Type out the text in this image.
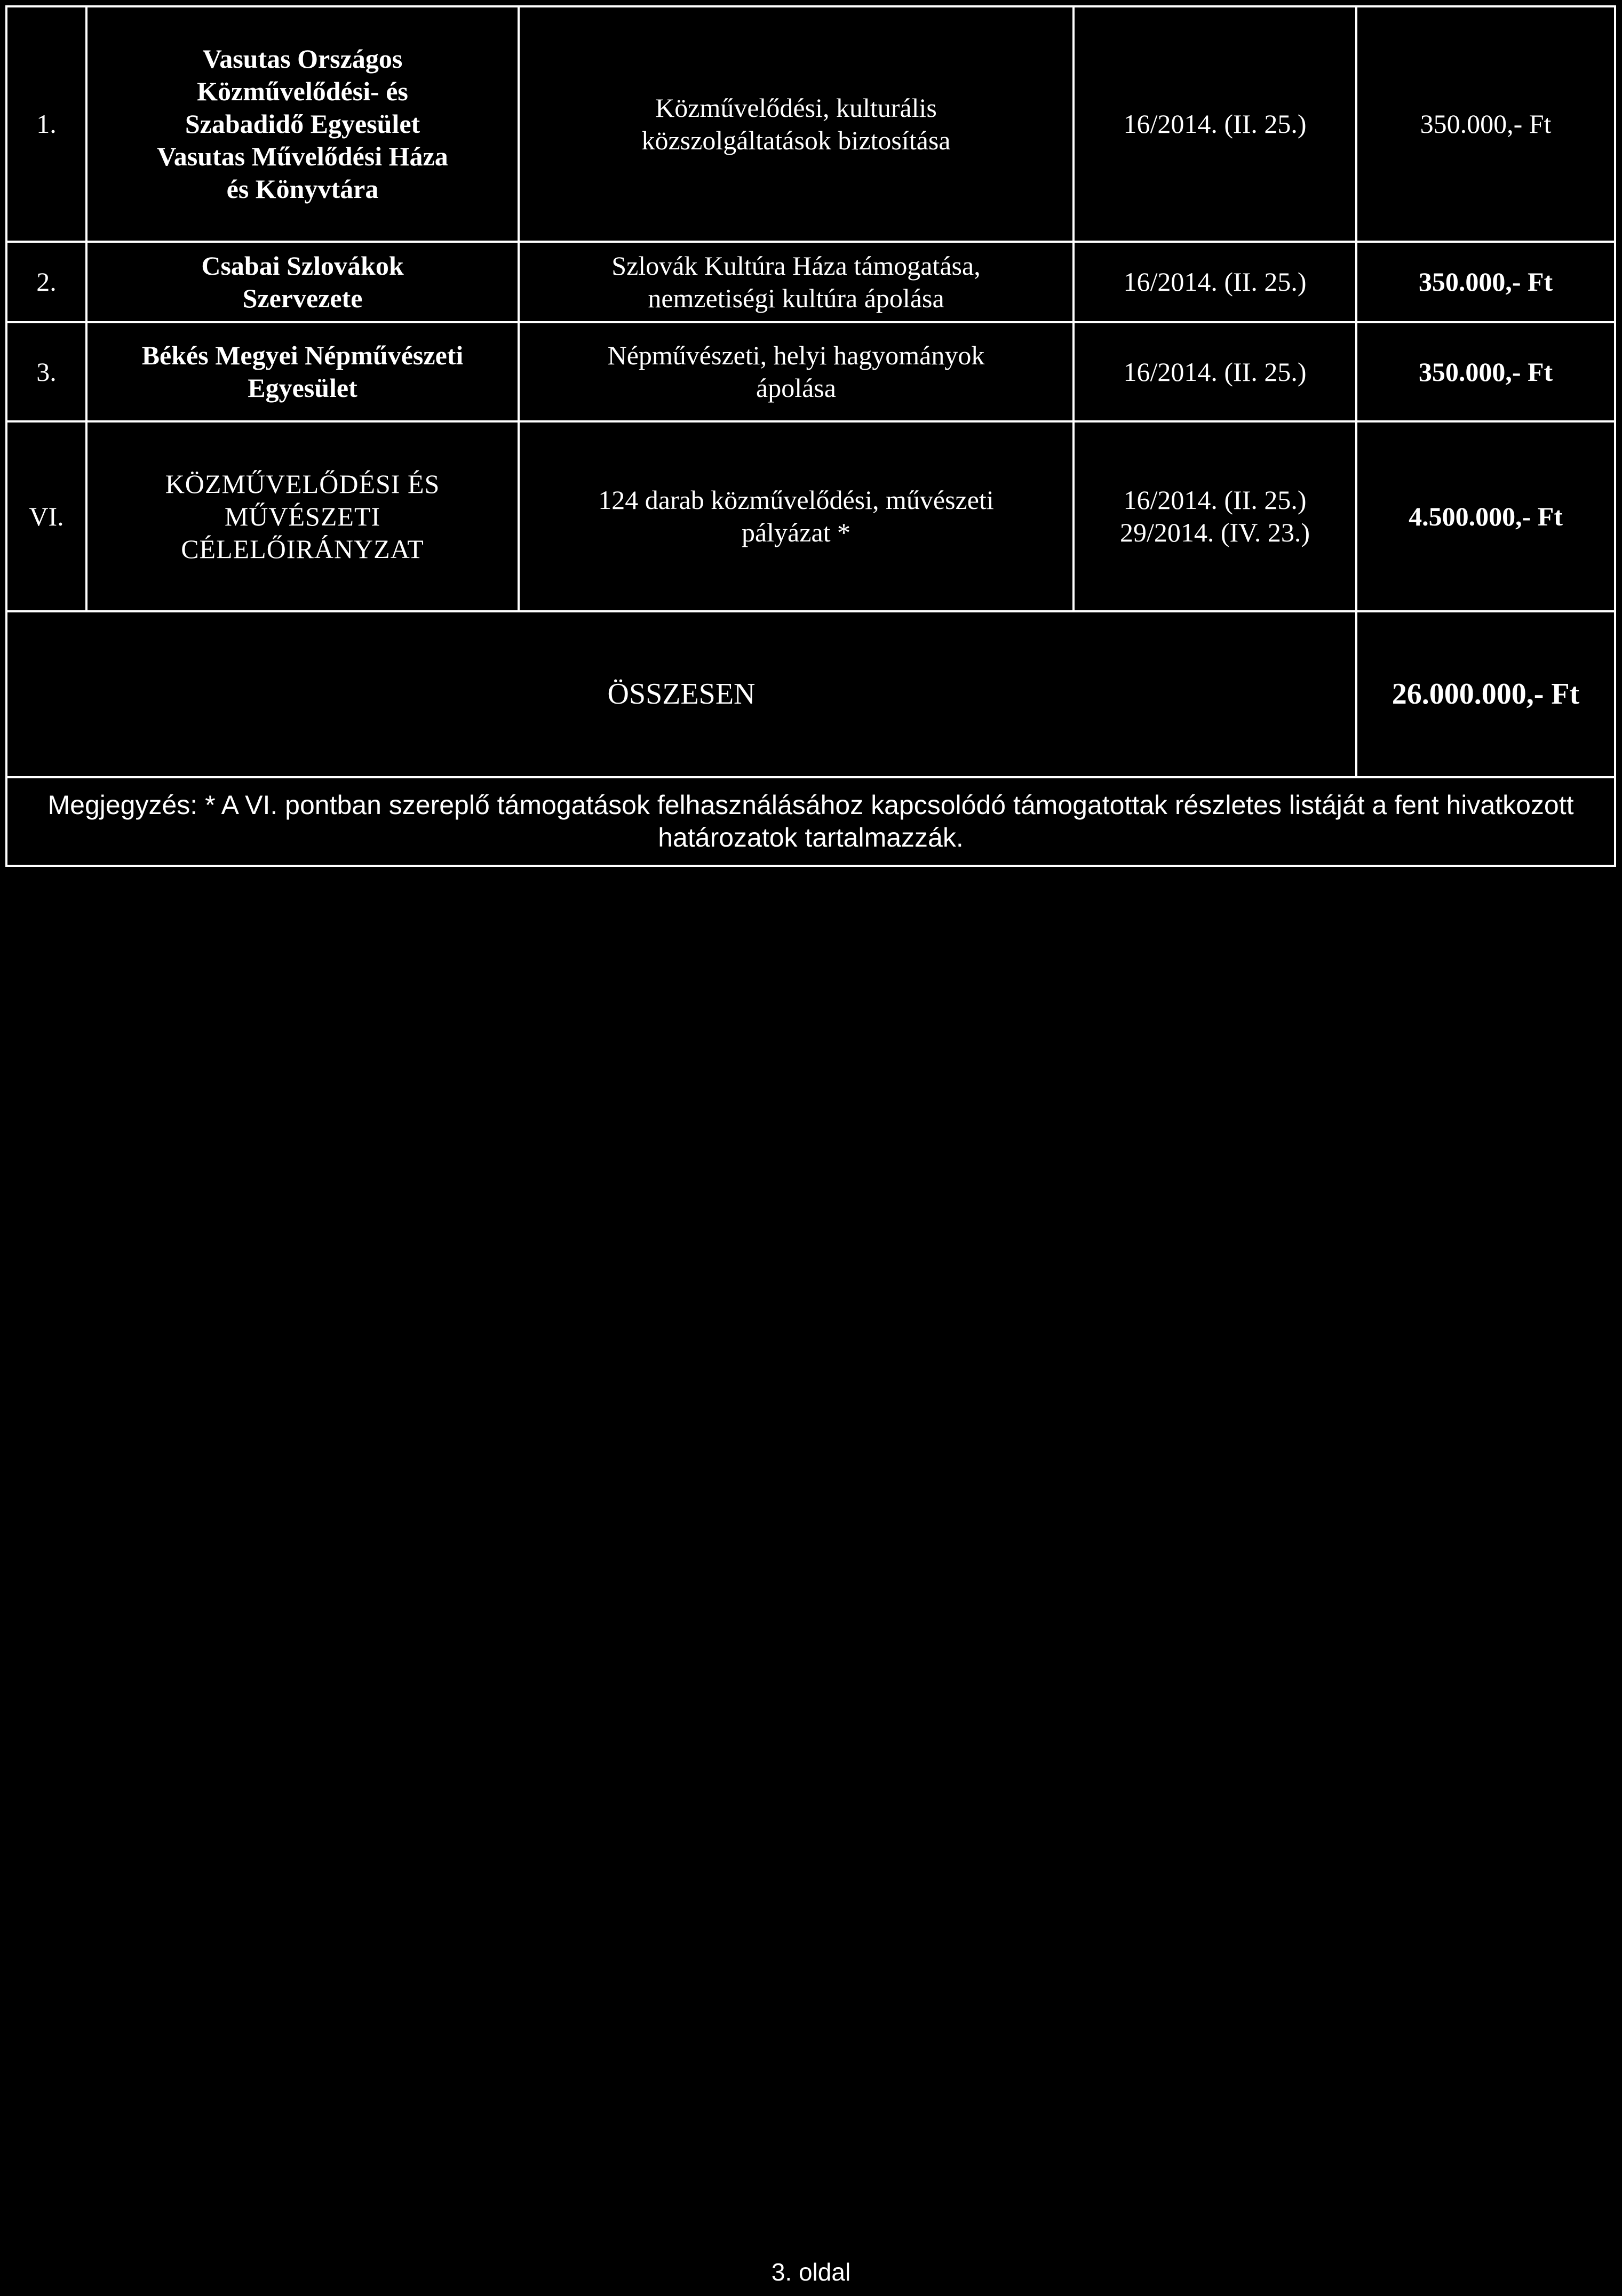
1.	Vasutas Országos
Közművelődési- és
Szabadidő Egyesület
Vasutas Művelődési Háza
és Könyvtára	Közművelődési, kulturális
közszolgáltatások biztosítása	16/2014. (II. 25.)	350.000,- Ft
2.	Csabai Szlovákok
Szervezete	Szlovák Kultúra Háza támogatása,
nemzetiségi kultúra ápolása	16/2014. (II. 25.)	350.000,- Ft
3.	Békés Megyei Népművészeti
Egyesület	Népművészeti, helyi hagyományok
ápolása	16/2014. (II. 25.)	350.000,- Ft
VI.	KÖZMŰVELŐDÉSI ÉS
MŰVÉSZETI
CÉLELŐIRÁNYZAT	124 darab közművelődési, művészeti
pályázat *	16/2014. (II. 25.)
29/2014. (IV. 23.)	4.500.000,- Ft
ÖSSZESEN				26.000.000,- Ft
Megjegyzés: * A VI. pontban szereplő támogatások felhasználásához kapcsolódó támogatottak részletes listáját a fent hivatkozott határozatok tartalmazzák.				
3. oldal
